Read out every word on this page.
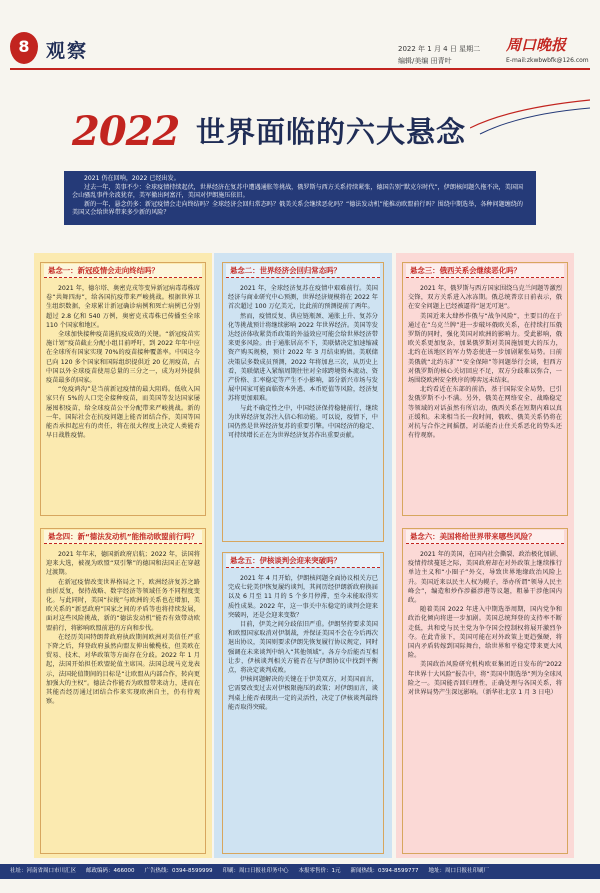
8 观察	2022 年 1 月 4 日 星期二
编辑/美编 田青叶
周口晚报
E-mail:zkwbwbfk@126.com
2022 世界面临的六大悬念

2021 仍在回响，2022 已经出发。

过去一年，美事不少：全球疫情持续起伏，世界经济在复苏中遭遇通胀等挑战，俄罗斯与西方关系持续紧张，德国告别“默克尔时代”，伊朗核问题久拖不决，美国国会山骚乱事件余波犹存，美军撤出阿富汗，美国对伊朗施压依旧。

新的一年，悬念仍多：新冠疫情会走向终结吗？全球经济会回归常态吗？俄美关系会继续恶化吗？“德法发动机”能推动欧盟前行吗？围绕中期选举，各种问题缠绕的美国又会给世界带来多少新的风险？

悬念一：新冠疫情会走向终结吗？

2021 年，德尔塔、奥密克戎等变异新冠病毒毒株席卷“共舞四海”，给各国抗疫带来严峻挑战。根据世界卫生组织数据，全球累计新冠确诊病例和死亡病例已分别超过 2.8 亿和 540 万例，奥密克戎毒株已传播至全球 110 个国家和地区。

全球加快接种疫苗遏抗疫成效的关键。“新冠疫苗实施计划”疫苗截止分配小组目前呼吁，到 2022 年年中应在全球所有国家实现 70%的疫苗接种覆盖率。中国这今已向 120 多个国家和国际组织提供近 20 亿剂疫苗，占中国以外全球疫苗使用总量的三分之一，成为对外提供疫苗最多的国家。

“免疫鸿沟”是当前新冠疫情的最大阻碍。低收入国家只有 5%的人口完全接种疫苗，而美国等发达国家屡屡囤积疫苗，给全球疫苗公平分配带来严峻挑战。新的一年，国际社会在抗疫问题上能否团结合作，美国等国能否承担起应有的责任，将在很大程度上决定人类能否早日战胜疫情。

悬念二：世界经济会回归常态吗？

2021 年，全球经济复苏在疫情中艰难前行。美国经济与商业研究中心预测，世界经济规模将在 2022 年首次超过 100 万亿美元，比此前的预测提前了两年。

然而，疫情反复、供应链瓶颈、通胀上升、复苏分化等挑战预计将继续影响 2022 年世界经济。美国等发达经济体收紧货币政策的外溢效应可能会给世界经济带来更多风险。由于通胀居高不下，美联储决定加速缩减资产购买规模，预计 2022 年 3 月结束购债。美联储决策层多数成员预测，2022 年将加息三次，从历史上看，美联储进入紧缩周期往往对全球跨境资本流动、资产价格、汇率稳定等产生不小影响，部分新兴市场与发展中国家可能面临资本外逃、本币贬值等风险，经济复苏将更加艰难。

与此不确定性之中，中国经济保持稳健前行，继续为世界经济复苏注入信心和动能。可以说，疫情下，中国仍然是世界经济复苏的重要引擎。中国经济的稳定、可持续增长正在为世界经济复苏作出重要贡献。

悬念三：俄西关系会继续恶化吗？

2021 年，俄罗斯与西方国家围绕乌克兰问题等激烈交锋，双方关系进入冰冻期。俄总统普京日前表示，俄在安全问题上已经被逼得“退无可退”。

美国近来大肆炒作俄与“战争风险”，主要目的在于通过在“乌克兰牌”进一步破坏俄欧关系，在持续打压俄罗斯的同时，强化美国对欧洲的影响力。受此影响，俄欧关系更加复杂，加果俄罗斯对美国施加更大的压力，北约在该地区的军力势态使进一步加剧紧张局势。日前美俄就“北约东扩”“安全保障”等问题举行会谈，但西方对俄罗斯的核心关切回应不足，双方分歧难以弥合，一场围绕欧洲安全秩序的博弈远未结束。

北约看近在东部的前沿，基于国际安全局势，已引发俄罗斯不小不满。另外，俄美在网络安全、战略稳定等领域的对话虽然有所启动，俄西关系在短期内难以真正缓和。未来相当长一段时间，俄欧、俄美关系仍将在对抗与合作之间摇摆，对话能否止住关系恶化的势头还有待观察。

悬念四：新“德法发动机”能推动欧盟前行吗？

2021 年年末，德国新政府启航；2022 年，法国将迎来大选，被视为欧盟“双引擎”的德国和法国正在穿越过渡期。

在新冠疫情改变世界格局之下，欧洲经济复苏之路由折反复，保持战略、数字经济等领域任务不同程度变化。与此同时，美国“拉拢”与欧洲的关系也在增加，美欧关系的“新恶政府”国家之间的矛盾等也将持续发展，面对这些风险挑战，新的“德法发动机”能否有效带动欧盟前行，将影响欧盟前进的方向和步伐。

在经历美国特朗普政府执政期间欧洲对美信任严重下降之后，拜登政府虽然向盟友伸出橄榄枝，但美欧在贸易、技术、对华政策等方面存在分歧。2022 年 1 月起，法国开始担任欧盟轮值主席国。法国总统马克龙表示，法国轮值期间的目标是“让欧盟从内部合作，转向更加强大的主权”。德法合作能否为欧盟带来动力，进而在其能否经历通过团结合作来实现欧洲自主，仍有待观察。

悬念五：伊核谈判会迎来突破吗？

2021 年 4 月开始，伊朗核问题全面协议相关方已完成七轮美伊恢复履约谈判，其间历经伊朗新政府换届以及 6 月至 11 月的 5 个多月停滞，至今未能取得实质性成果。2022 年，这一事关中东稳定的谈判会迎来突破吗，还是会迎来变数？

目前，伊美之间分歧依旧严重。伊朗坚持要求美国和欧盟国家取消对伊制裁，并保证美国不会在今后再次退出协议，美国则要求伊朗先恢复履行协议规定，同时强调在未来谈判中纳入“其他领域”。各方今后能否互相让步，伊核谈判相关方能否在与伊朗协议中找到平衡点，将决定谈判成败。

伊核问题解决的关键在于伊美双方，对美国而言，它需要改变过去对伊极限施压的政策；对伊朗而言，谈判桌上能否表现出一定的灵活性，决定了伊核谈判最终能否取得突破。

悬念六：美国将给世界带来哪些风险？

2021 年的美国，在国内社会撕裂、政治极化加剧、疫情持续蔓延之际，美国政府却在对外政策上继续推行单边主义和“小圈子”外交，导致世界地缘政治风险上升。美国近来以民主人权为幌子，举办所谓“领导人民主峰会”，编造和炒作涉疆涉港等议题，粗暴干涉他国内政。

随着美国 2022 年进入中期选举周期，国内党争和政治化倾向将进一步加剧。美国总统拜登的支持率不断走低，共和党与民主党为争夺国会控制权将展开激烈争夺。在此背景下，美国可能在对外政策上更趋强硬，将国内矛盾转嫁到国际舞台，给世界和平稳定带来更大风险。

美国政治风险研究机构欧亚集团近日发布的“2022 年世界十大风险”报告中，将“美国中期选举”列为全球风险之一。美国能否回归理性，正确处理与各国关系，将对世界局势产生深远影响。（新华社北京 1 月 3 日电）

社址：河南省周口市川汇区 邮政编码：466000 广告热线：0394-8599999 印刷：周口日报社印务中心 本报零售价：1元 新闻热线：0394-8599777 地址：周口日报社印刷厂
